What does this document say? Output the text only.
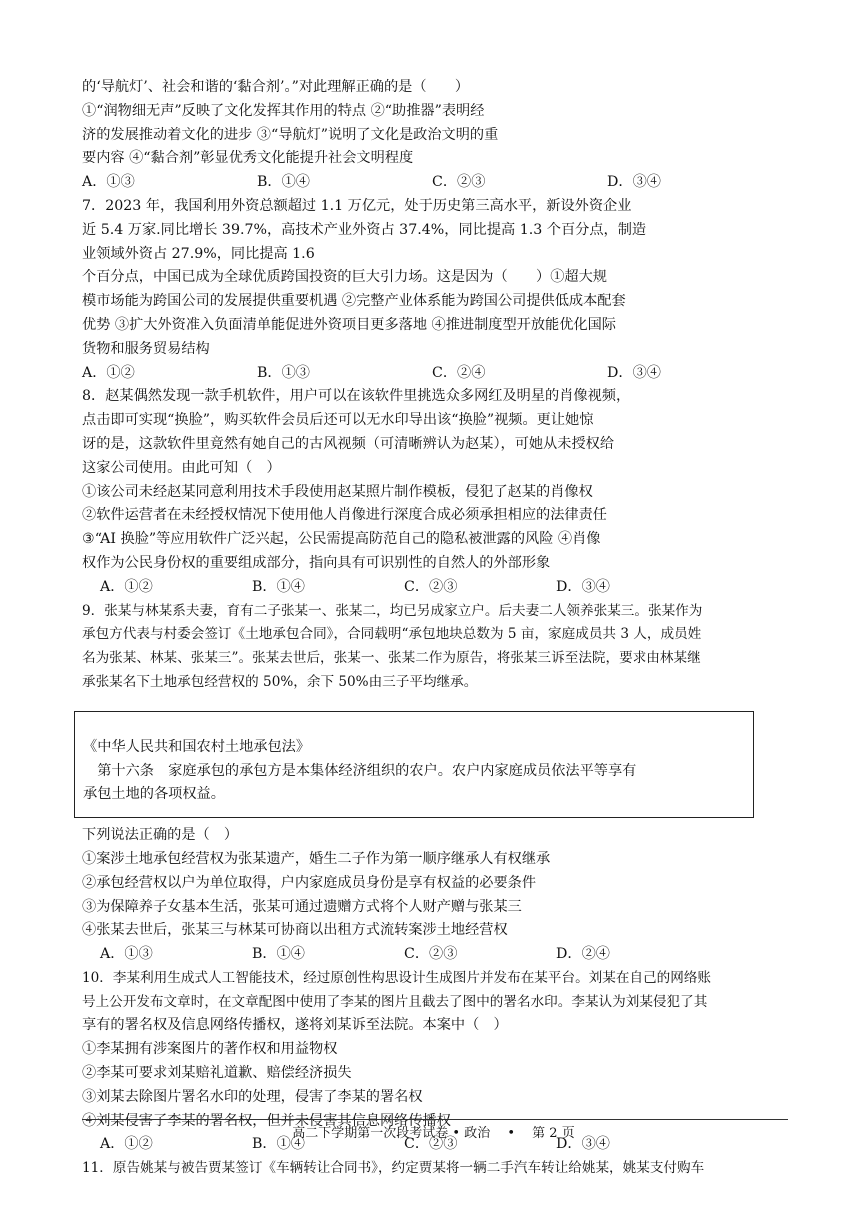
的‘导航灯’、社会和谐的‘黏合剂’。”对此理解正确的是（　　）
①“润物细无声”反映了文化发挥其作用的特点 ②“助推器”表明经
济的发展推动着文化的进步 ③“导航灯”说明了文化是政治文明的重
要内容 ④“黏合剂”彰显优秀文化能提升社会文明程度
A．①③	B．①④	C．②③	D．③④
7．2023 年，我国利用外资总额超过 1.1 万亿元，处于历史第三高水平，新设外资企业
近 5.4 万家.同比增长 39.7%，高技术产业外资占 37.4%，同比提高 1.3 个百分点，制造
业领域外资占 27.9%，同比提高 1.6
个百分点，中国已成为全球优质跨国投资的巨大引力场。这是因为（　　）①超大规
模市场能为跨国公司的发展提供重要机遇 ②完整产业体系能为跨国公司提供低成本配套
优势 ③扩大外资准入负面清单能促进外资项目更多落地 ④推进制度型开放能优化国际
货物和服务贸易结构
A．①②	B．①③	C．②④	D．③④
8．赵某偶然发现一款手机软件，用户可以在该软件里挑选众多网红及明星的肖像视频，
点击即可实现“换脸”，购买软件会员后还可以无水印导出该“换脸”视频。更让她惊
讶的是，这款软件里竟然有她自己的古风视频（可清晰辨认为赵某），可她从未授权给
这家公司使用。由此可知（　）
①该公司未经赵某同意利用技术手段使用赵某照片制作模板，侵犯了赵某的肖像权
②软件运营者在未经授权情况下使用他人肖像进行深度合成必须承担相应的法律责任
③“AI 换脸”等应用软件广泛兴起，公民需提高防范自己的隐私被泄露的风险 ④肖像
权作为公民身份权的重要组成部分，指向具有可识别性的自然人的外部形象
A．①②	B．①④	C．②③	D．③④
9．张某与林某系夫妻，育有二子张某一、张某二，均已另成家立户。后夫妻二人领养张某三。张某作为
承包方代表与村委会签订《土地承包合同》，合同载明“承包地块总数为 5 亩，家庭成员共 3 人，成员姓
名为张某、林某、张某三”。张某去世后，张某一、张某二作为原告，将张某三诉至法院，要求由林某继
承张某名下土地承包经营权的 50%，余下 50%由三子平均继承。
《中华人民共和国农村土地承包法》
　第十六条　家庭承包的承包方是本集体经济组织的农户。农户内家庭成员依法平等享有
承包土地的各项权益。
下列说法正确的是（　）
①案涉土地承包经营权为张某遗产，婚生二子作为第一顺序继承人有权继承
②承包经营权以户为单位取得，户内家庭成员身份是享有权益的必要条件
③为保障养子女基本生活，张某可通过遗赠方式将个人财产赠与张某三
④张某去世后，张某三与林某可协商以出租方式流转案涉土地经营权
A．①③	B．①④	C．②③	D．②④
10．李某利用生成式人工智能技术，经过原创性构思设计生成图片并发布在某平台。刘某在自己的网络账
号上公开发布文章时，在文章配图中使用了李某的图片且截去了图中的署名水印。李某认为刘某侵犯了其
享有的署名权及信息网络传播权，遂将刘某诉至法院。本案中（　）
①李某拥有涉案图片的著作权和用益物权
②李某可要求刘某赔礼道歉、赔偿经济损失
③刘某去除图片署名水印的处理，侵害了李某的署名权
④刘某侵害了李某的署名权，但并未侵害其信息网络传播权
A．①②	B．①④	C．②③	D．③④
11．原告姚某与被告贾某签订《车辆转让合同书》，约定贾某将一辆二手汽车转让给姚某，姚某支付购车
高二下学期第一次段考试卷 • 政治　 •　 第 2 页
